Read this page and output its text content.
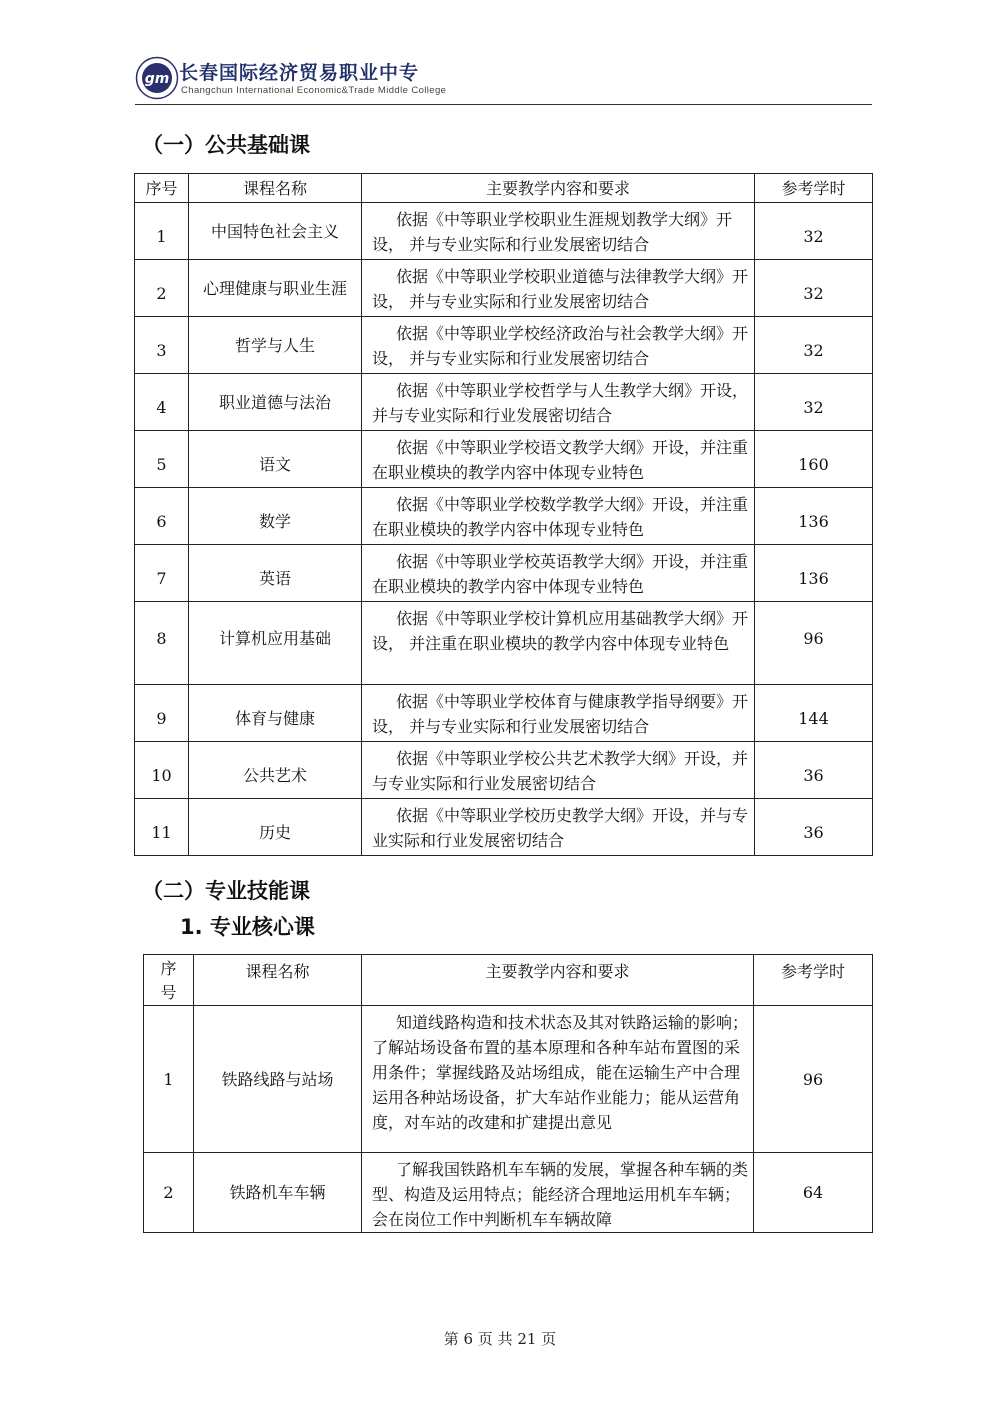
gm 长春国际经济贸易职业中专
Changchun International Economic&Trade Middle College
（一）公共基础课
序号	课程名称	主要教学内容和要求	参考学时
1	中国特色社会主义	依据《中等职业学校职业生涯规划教学大纲》开设， 并与专业实际和行业发展密切结合	32
2	心理健康与职业生涯	依据《中等职业学校职业道德与法律教学大纲》开设， 并与专业实际和行业发展密切结合	32
3	哲学与人生	依据《中等职业学校经济政治与社会教学大纲》开设， 并与专业实际和行业发展密切结合	32
4	职业道德与法治	依据《中等职业学校哲学与人生教学大纲》开设， 并与专业实际和行业发展密切结合	32
5	语文	依据《中等职业学校语文教学大纲》开设，并注重在职业模块的教学内容中体现专业特色	160
6	数学	依据《中等职业学校数学教学大纲》开设，并注重在职业模块的教学内容中体现专业特色	136
7	英语	依据《中等职业学校英语教学大纲》开设，并注重在职业模块的教学内容中体现专业特色	136
8	计算机应用基础	依据《中等职业学校计算机应用基础教学大纲》开设， 并注重在职业模块的教学内容中体现专业特色	96
9	体育与健康	依据《中等职业学校体育与健康教学指导纲要》开设， 并与专业实际和行业发展密切结合	144
10	公共艺术	依据《中等职业学校公共艺术教学大纲》开设，并与专业实际和行业发展密切结合	36
11	历史	依据《中等职业学校历史教学大纲》开设，并与专业实际和行业发展密切结合	36
（二）专业技能课
1. 专业核心课
序号	课程名称	主要教学内容和要求	参考学时
1	铁路线路与站场	知道线路构造和技术状态及其对铁路运输的影响；了解站场设备布置的基本原理和各种车站布置图的采用条件；掌握线路及站场组成，能在运输生产中合理运用各种站场设备，扩大车站作业能力；能从运营角度，对车站的改建和扩建提出意见	96
2	铁路机车车辆	了解我国铁路机车车辆的发展，掌握各种车辆的类型、构造及运用特点；能经济合理地运用机车车辆；会在岗位工作中判断机车车辆故障	64
第 6 页 共 21 页
